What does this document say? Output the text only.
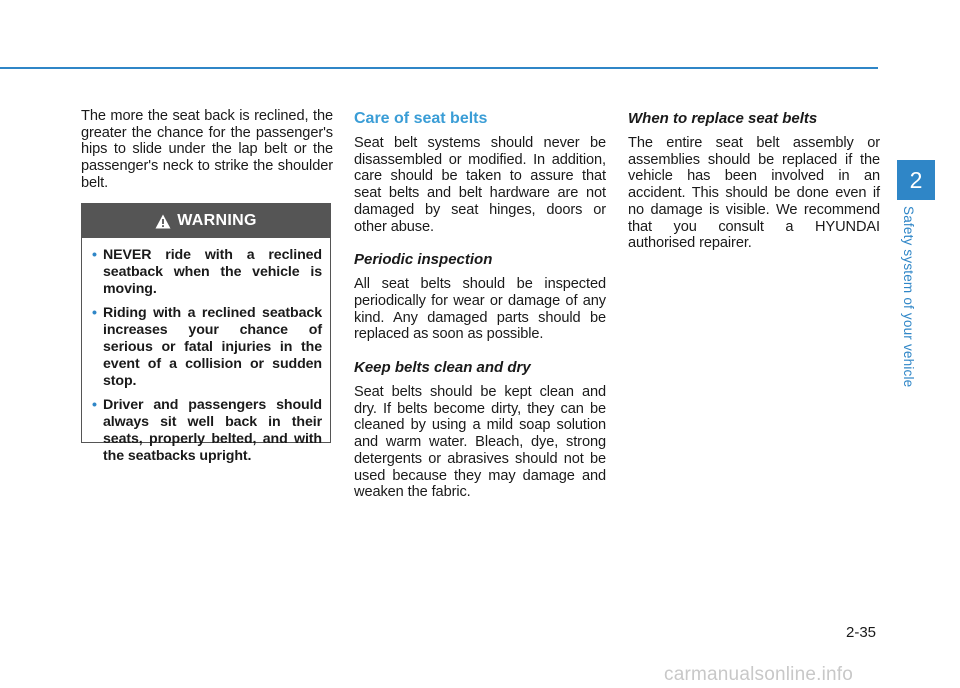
The more the seat back is reclined, the greater the chance for the passenger's hips to slide under the lap belt or the passenger's neck to strike the shoulder belt.

WARNING
• NEVER ride with a reclined seatback when the vehicle is moving.
• Riding with a reclined seatback increases your chance of serious or fatal injuries in the event of a collision or sudden stop.
• Driver and passengers should always sit well back in their seats, properly belted, and with the seatbacks upright.
Care of seat belts

Seat belt systems should never be disassembled or modified. In addition, care should be taken to assure that seat belts and belt hardware are not damaged by seat hinges, doors or other abuse.

Periodic inspection

All seat belts should be inspected periodically for wear or damage of any kind. Any damaged parts should be replaced as soon as possible.

Keep belts clean and dry

Seat belts should be kept clean and dry. If belts become dirty, they can be cleaned by using a mild soap solution and warm water. Bleach, dye, strong detergents or abrasives should not be used because they may damage and weaken the fabric.

When to replace seat belts

The entire seat belt assembly or assemblies should be replaced if the vehicle has been involved in an accident. This should be done even if no damage is visible. We recommend that you consult a HYUNDAI authorised repairer.

2
Safety system of your vehicle
2-35
carmanualsonline.info
